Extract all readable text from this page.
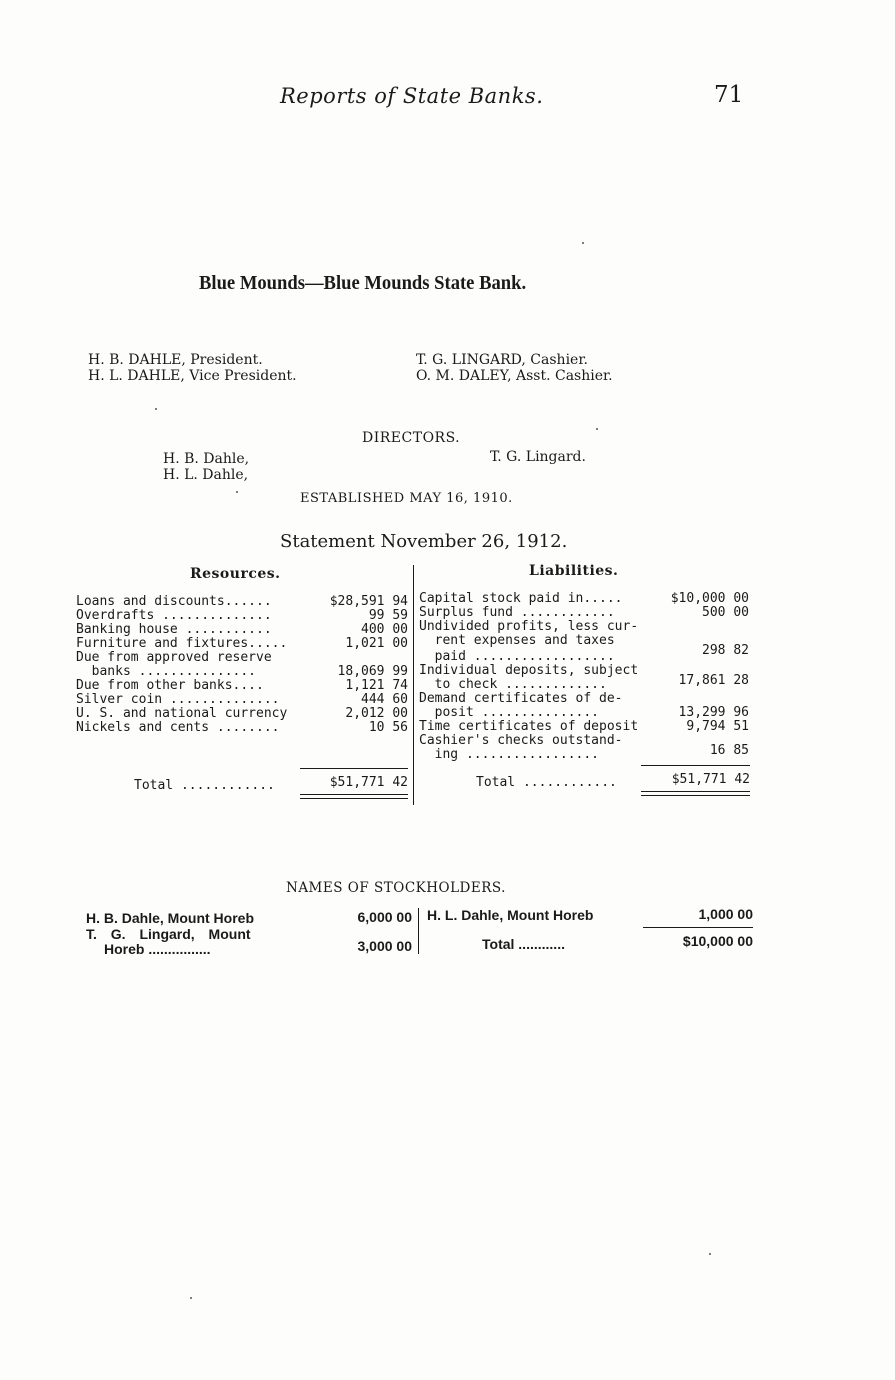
Reports of State Banks.	71
Blue Mounds—Blue Mounds State Bank.
H. B. DAHLE, President.
H. L. DAHLE, Vice President.
T. G. LINGARD, Cashier.
O. M. DALEY, Asst. Cashier.
DIRECTORS.
H. B. Dahle,
H. L. Dahle,
T. G. Lingard.
ESTABLISHED MAY 16, 1910.
Statement November 26, 1912.
Resources.	Liabilities.
Loans and discounts......	$28,591 94
Overdrafts ..............	99 59
Banking house ...........	400 00
Furniture and fixtures.....	1,021 00
Due from approved reserve
banks ...............	18,069 99
Due from other banks....	1,121 74
Silver coin ..............	444 60
U. S. and national currency	2,012 00
Nickels and cents ........	10 56
Total ............	$51,771 42
Capital stock paid in.....	$10,000 00
Surplus fund ............	500 00
Undivided profits, less cur-
rent expenses and taxes
paid ..................	298 82
Individual deposits, subject
to check .............	17,861 28
Demand certificates of de-
posit ...............	13,299 96
Time certificates of deposit	9,794 51
Cashier's checks outstand-
ing .................	16 85
Total ............	$51,771 42
NAMES OF STOCKHOLDERS.
H. B. Dahle, Mount Horeb	6,000 00
T. G. Lingard, Mount
Horeb ................	3,000 00
H. L. Dahle, Mount Horeb	1,000 00
Total ............	$10,000 00
